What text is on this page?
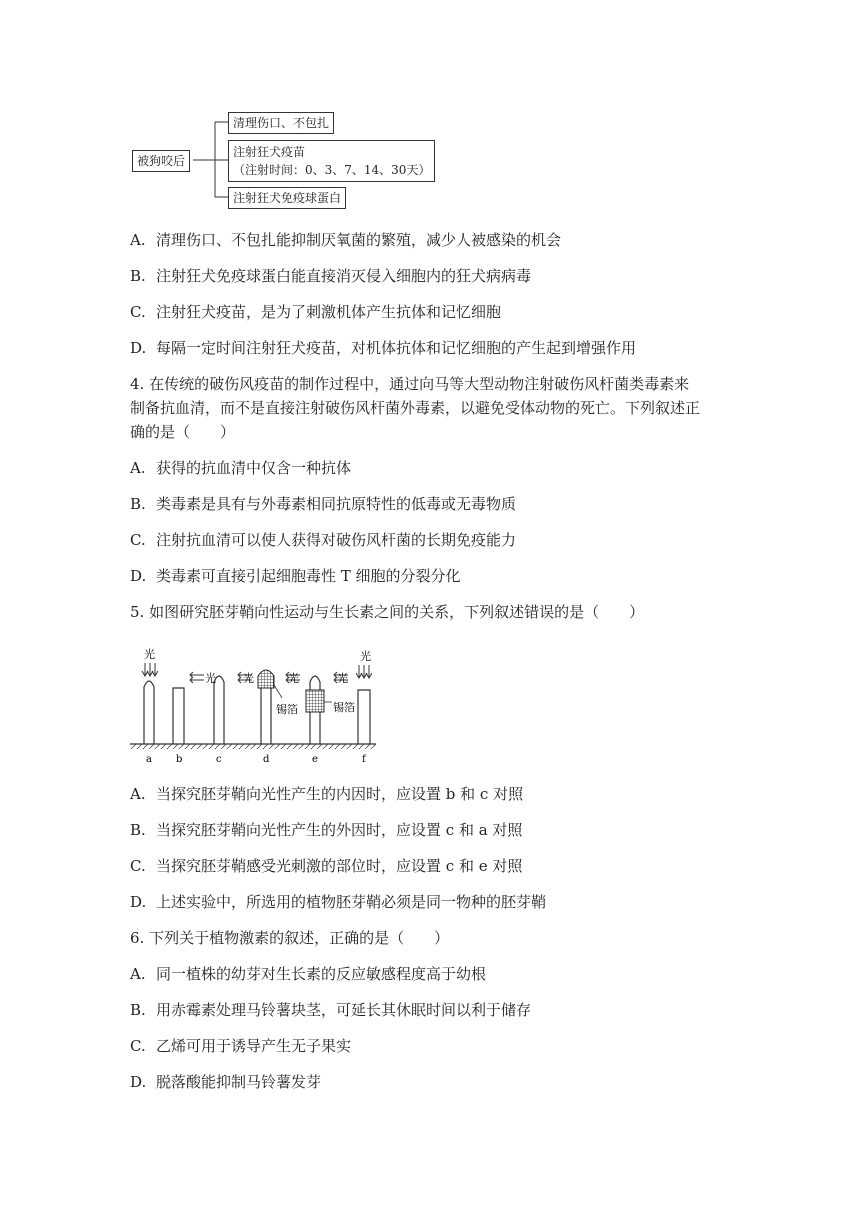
被狗咬后
清理伤口、不包扎
注射狂犬疫苗
（注射时间：0、3、7、14、30天）
注射狂犬免疫球蛋白
A. 清理伤口、不包扎能抑制厌氧菌的繁殖，减少人被感染的机会
B. 注射狂犬免疫球蛋白能直接消灭侵入细胞内的狂犬病病毒
C. 注射狂犬疫苗，是为了刺激机体产生抗体和记忆细胞
D. 每隔一定时间注射狂犬疫苗，对机体抗体和记忆细胞的产生起到增强作用
4. 在传统的破伤风疫苗的制作过程中，通过向马等大型动物注射破伤风杆菌类毒素来
制备抗血清，而不是直接注射破伤风杆菌外毒素，以避免受体动物的死亡。下列叙述正
确的是（　　）
A. 获得的抗血清中仅含一种抗体
B. 类毒素是具有与外毒素相同抗原特性的低毒或无毒物质
C. 注射抗血清可以使人获得对破伤风杆菌的长期免疫能力
D. 类毒素可直接引起细胞毒性 T 细胞的分裂分化
5. 如图研究胚芽鞘向性运动与生长素之间的关系，下列叙述错误的是（　　）
光
光 光	光
锡箔
光
锡箔
光
a b	c	d	e	f
A. 当探究胚芽鞘向光性产生的内因时，应设置 b 和 c 对照
B. 当探究胚芽鞘向光性产生的外因时，应设置 c 和 a 对照
C. 当探究胚芽鞘感受光刺激的部位时，应设置 c 和 e 对照
D. 上述实验中，所选用的植物胚芽鞘必须是同一物种的胚芽鞘
6. 下列关于植物激素的叙述，正确的是（　　）
A. 同一植株的幼芽对生长素的反应敏感程度高于幼根
B. 用赤霉素处理马铃薯块茎，可延长其休眠时间以利于储存
C. 乙烯可用于诱导产生无子果实
D. 脱落酸能抑制马铃薯发芽
